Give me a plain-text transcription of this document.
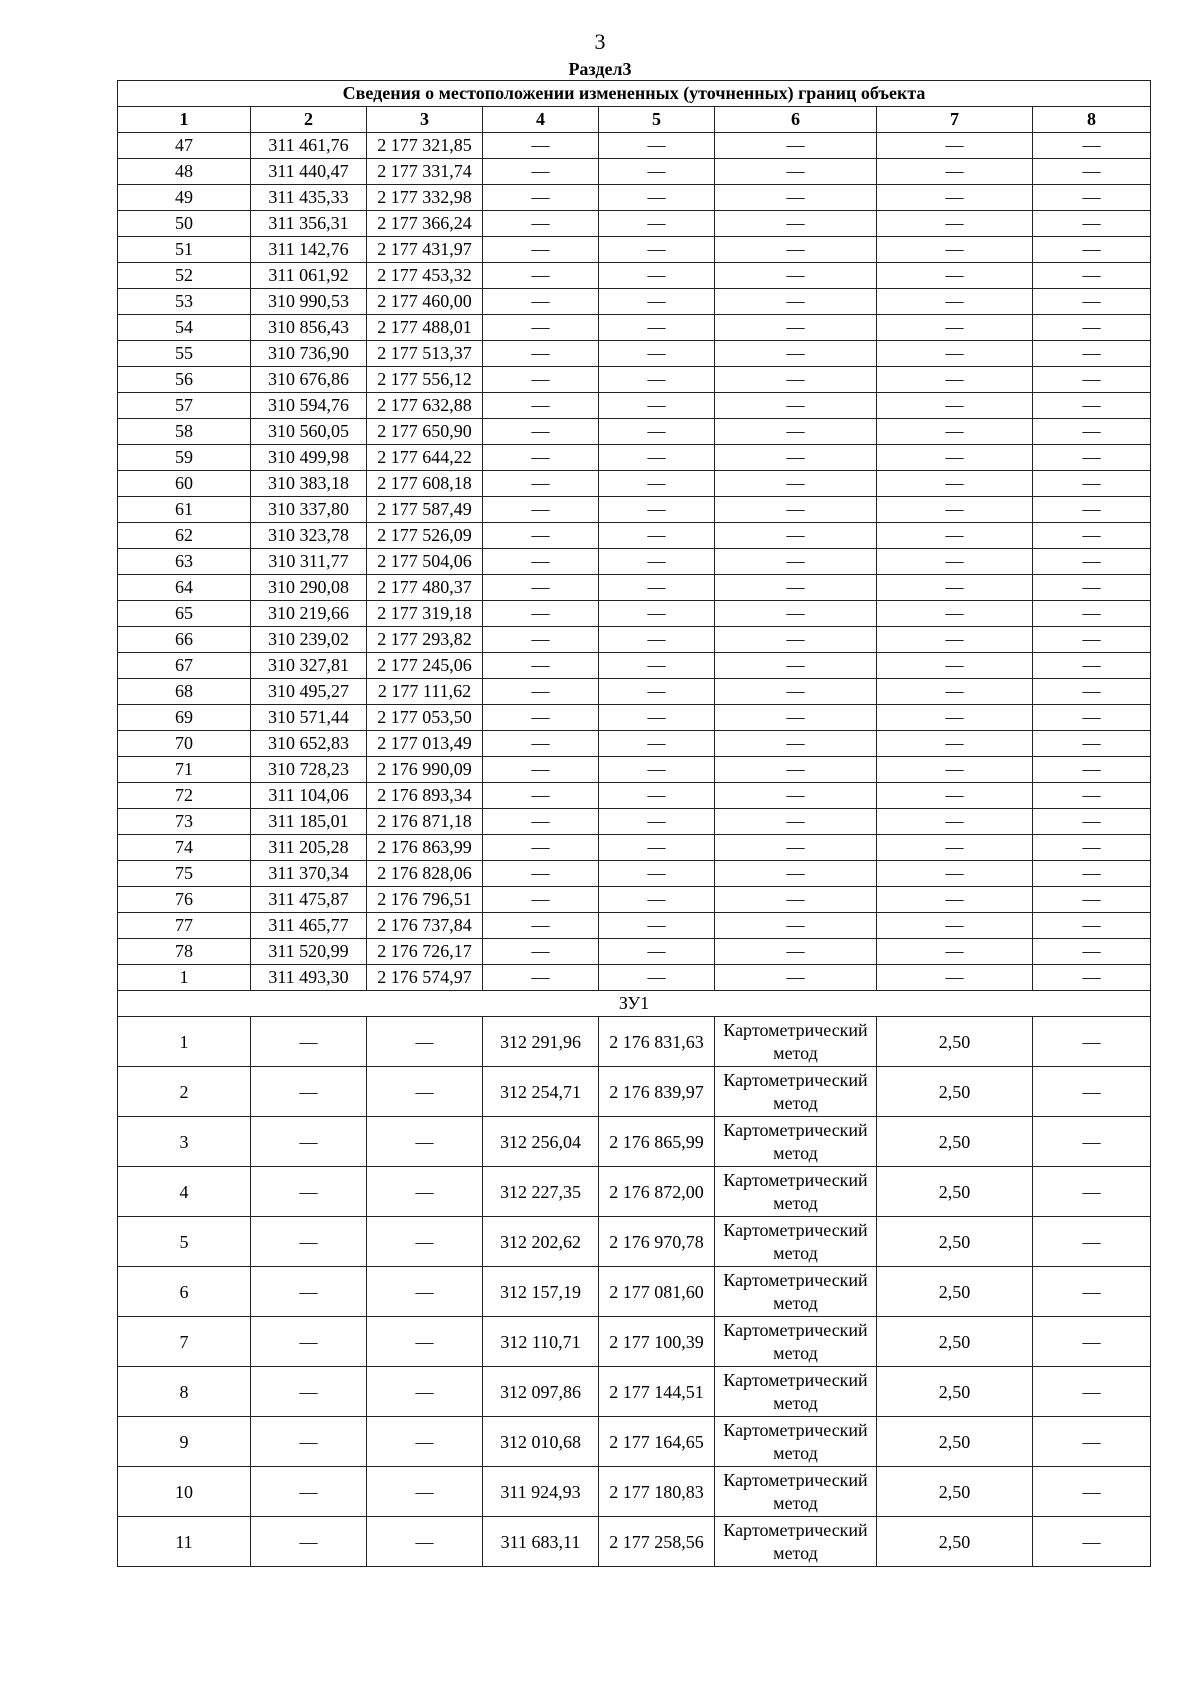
3
Раздел3
Сведения о местоположении измененных (уточненных) границ объекта							
1	2	3	4	5	6	7	8
47	311 461,76	2 177 321,85	—	—	—	—	—
48	311 440,47	2 177 331,74	—	—	—	—	—
49	311 435,33	2 177 332,98	—	—	—	—	—
50	311 356,31	2 177 366,24	—	—	—	—	—
51	311 142,76	2 177 431,97	—	—	—	—	—
52	311 061,92	2 177 453,32	—	—	—	—	—
53	310 990,53	2 177 460,00	—	—	—	—	—
54	310 856,43	2 177 488,01	—	—	—	—	—
55	310 736,90	2 177 513,37	—	—	—	—	—
56	310 676,86	2 177 556,12	—	—	—	—	—
57	310 594,76	2 177 632,88	—	—	—	—	—
58	310 560,05	2 177 650,90	—	—	—	—	—
59	310 499,98	2 177 644,22	—	—	—	—	—
60	310 383,18	2 177 608,18	—	—	—	—	—
61	310 337,80	2 177 587,49	—	—	—	—	—
62	310 323,78	2 177 526,09	—	—	—	—	—
63	310 311,77	2 177 504,06	—	—	—	—	—
64	310 290,08	2 177 480,37	—	—	—	—	—
65	310 219,66	2 177 319,18	—	—	—	—	—
66	310 239,02	2 177 293,82	—	—	—	—	—
67	310 327,81	2 177 245,06	—	—	—	—	—
68	310 495,27	2 177 111,62	—	—	—	—	—
69	310 571,44	2 177 053,50	—	—	—	—	—
70	310 652,83	2 177 013,49	—	—	—	—	—
71	310 728,23	2 176 990,09	—	—	—	—	—
72	311 104,06	2 176 893,34	—	—	—	—	—
73	311 185,01	2 176 871,18	—	—	—	—	—
74	311 205,28	2 176 863,99	—	—	—	—	—
75	311 370,34	2 176 828,06	—	—	—	—	—
76	311 475,87	2 176 796,51	—	—	—	—	—
77	311 465,77	2 176 737,84	—	—	—	—	—
78	311 520,99	2 176 726,17	—	—	—	—	—
1	311 493,30	2 176 574,97	—	—	—	—	—
ЗУ1							
1	—	—	312 291,96	2 176 831,63	Картометрический метод	2,50	—
2	—	—	312 254,71	2 176 839,97	Картометрический метод	2,50	—
3	—	—	312 256,04	2 176 865,99	Картометрический метод	2,50	—
4	—	—	312 227,35	2 176 872,00	Картометрический метод	2,50	—
5	—	—	312 202,62	2 176 970,78	Картометрический метод	2,50	—
6	—	—	312 157,19	2 177 081,60	Картометрический метод	2,50	—
7	—	—	312 110,71	2 177 100,39	Картометрический метод	2,50	—
8	—	—	312 097,86	2 177 144,51	Картометрический метод	2,50	—
9	—	—	312 010,68	2 177 164,65	Картометрический метод	2,50	—
10	—	—	311 924,93	2 177 180,83	Картометрический метод	2,50	—
11	—	—	311 683,11	2 177 258,56	Картометрический метод	2,50	—
